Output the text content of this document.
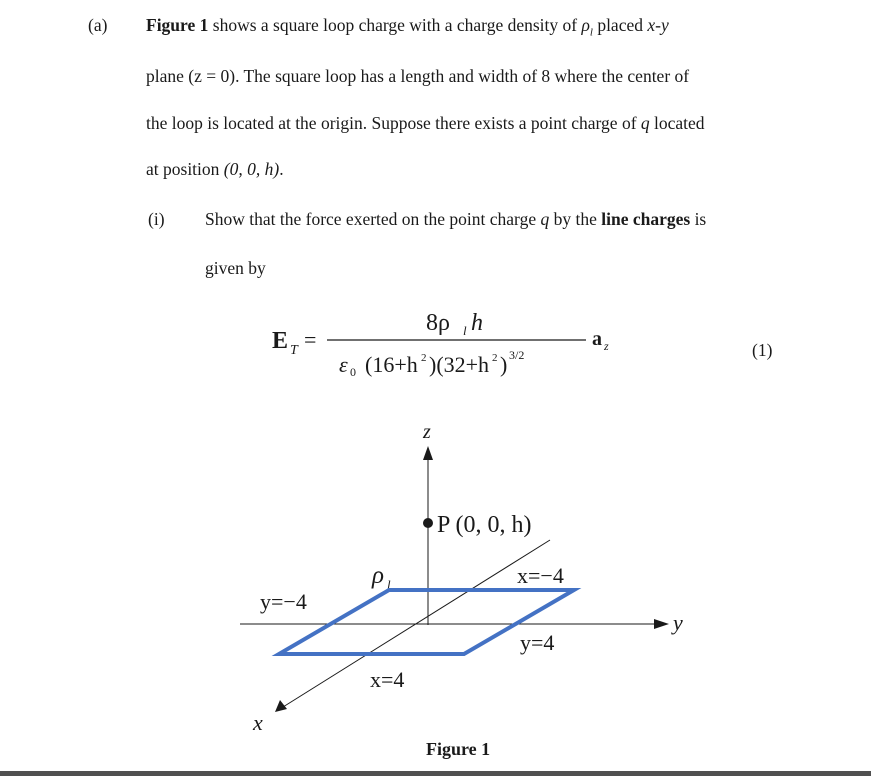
(a) Figure 1 shows a square loop charge with a charge density of $\rho_l$ placed x-y
plane (z = 0). The square loop has a length and width of 8 where the center of
the loop is located at the origin. Suppose there exists a point charge of q located
at position (0, 0, h).
(i) Show that the force exerted on the point charge q by the line charges is
given by
E T =
8ρ l h
ε 0 (16+h 2 )(32+h 2 ) 3/2
a z	(1)
z
y
x
P (0, 0, h)
ρ l	x=−4
y=−4
y=4
x=4
Figure 1
